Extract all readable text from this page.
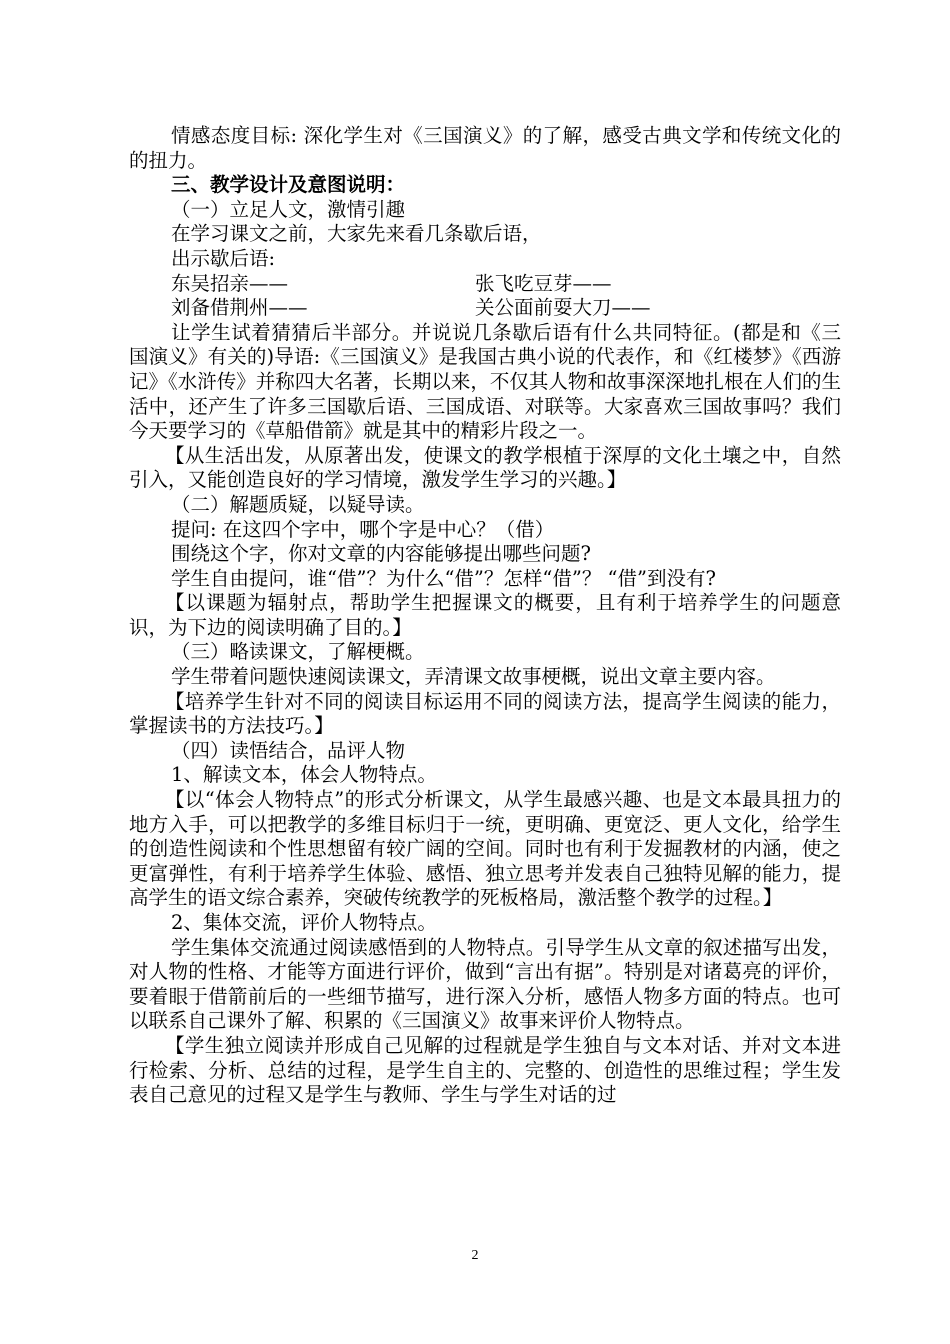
情感态度目标: 深化学生对《三国演义》的了解，感受古典文学和传统文化的的扭力。

三、教学设计及意图说明：

（一）立足人文，激情引趣

在学习课文之前，大家先来看几条歇后语，

出示歇后语:

东吴招亲——	张飞吃豆芽——
刘备借荆州——	关公面前耍大刀——

让学生试着猜猜后半部分。并说说几条歇后语有什么共同特征。(都是和《三国演义》有关的)导语:《三国演义》是我国古典小说的代表作，和《红楼梦》《西游记》《水浒传》并称四大名著，长期以来，不仅其人物和故事深深地扎根在人们的生活中，还产生了许多三国歇后语、三国成语、对联等。大家喜欢三国故事吗？我们今天要学习的《草船借箭》就是其中的精彩片段之一。

【从生活出发，从原著出发，使课文的教学根植于深厚的文化土壤之中，自然引入，又能创造良好的学习情境，激发学生学习的兴趣。】

（二）解题质疑，以疑导读。

提问: 在这四个字中，哪个字是中心？（借）

围绕这个字，你对文章的内容能够提出哪些问题?

学生自由提问，谁“借”？为什么“借”？怎样“借”？ “借”到没有?

【以课题为辐射点，帮助学生把握课文的概要，且有利于培养学生的问题意识，为下边的阅读明确了目的。】

（三）略读课文，了解梗概。

学生带着问题快速阅读课文，弄清课文故事梗概，说出文章主要内容。

【培养学生针对不同的阅读目标运用不同的阅读方法，提高学生阅读的能力，掌握读书的方法技巧。】

（四）读悟结合，品评人物

1、解读文本，体会人物特点。

【以“体会人物特点”的形式分析课文，从学生最感兴趣、也是文本最具扭力的地方入手，可以把教学的多维目标归于一统，更明确、更宽泛、更人文化，给学生的创造性阅读和个性思想留有较广阔的空间。同时也有利于发掘教材的内涵，使之更富弹性，有利于培养学生体验、感悟、独立思考并发表自己独特见解的能力，提高学生的语文综合素养，突破传统教学的死板格局，激活整个教学的过程。】

2、集体交流，评价人物特点。

学生集体交流通过阅读感悟到的人物特点。引导学生从文章的叙述描写出发，对人物的性格、才能等方面进行评价，做到“言出有据”。特别是对诸葛亮的评价，要着眼于借箭前后的一些细节描写，进行深入分析，感悟人物多方面的特点。也可以联系自己课外了解、积累的《三国演义》故事来评价人物特点。

【学生独立阅读并形成自己见解的过程就是学生独自与文本对话、并对文本进行检索、分析、总结的过程，是学生自主的、完整的、创造性的思维过程；学生发表自己意见的过程又是学生与教师、学生与学生对话的过

2
